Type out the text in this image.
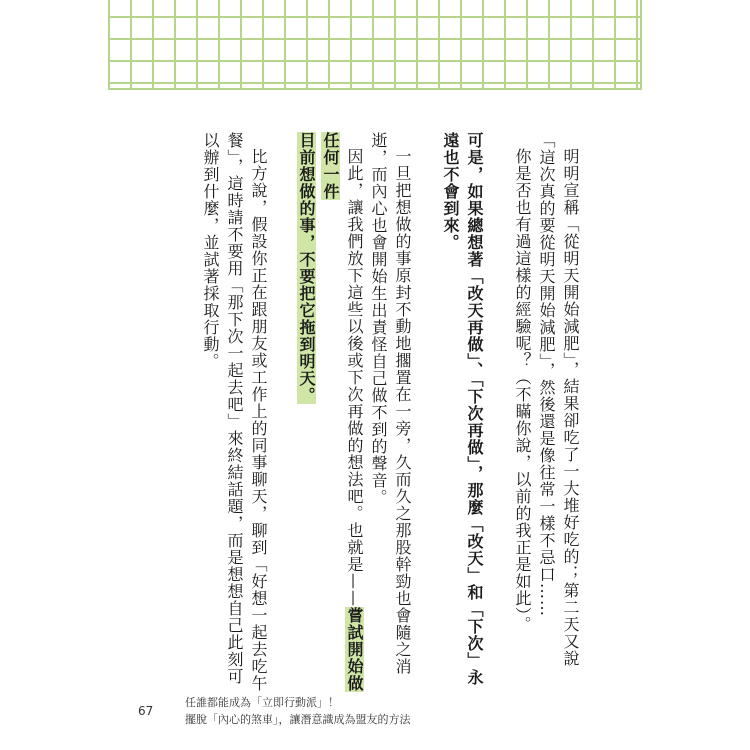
明明宣稱「從明天開始減肥」，結果卻吃了一大堆好吃的；第二天又說「這次真的要從明天開始減肥」，然後還是像往常一樣不忌口……

你是否也有過這樣的經驗呢？（不瞞你說，以前的我正是如此）。

可是，如果總想著「改天再做」、「下次再做」，那麼「改天」和「下次」永遠也不會到來。

一旦把想做的事原封不動地擱置在一旁，久而久之那股幹勁也會隨之消逝，而內心也會開始生出責怪自己做不到的聲音。

因此，讓我們放下這些以後或下次再做的想法吧。也就是——嘗試開始做任何一件

目前想做的事，不要把它拖到明天。

比方說，假設你正在跟朋友或工作上的同事聊天，聊到「好想一起去吃午餐」，這時請不要用「那下次一起去吧」來終結話題，而是想想自己此刻可以辦到什麼，並試著採取行動。

67
任誰都能成為「立即行動派」！
擺脫「內心的煞車」，讓潛意識成為盟友的方法
